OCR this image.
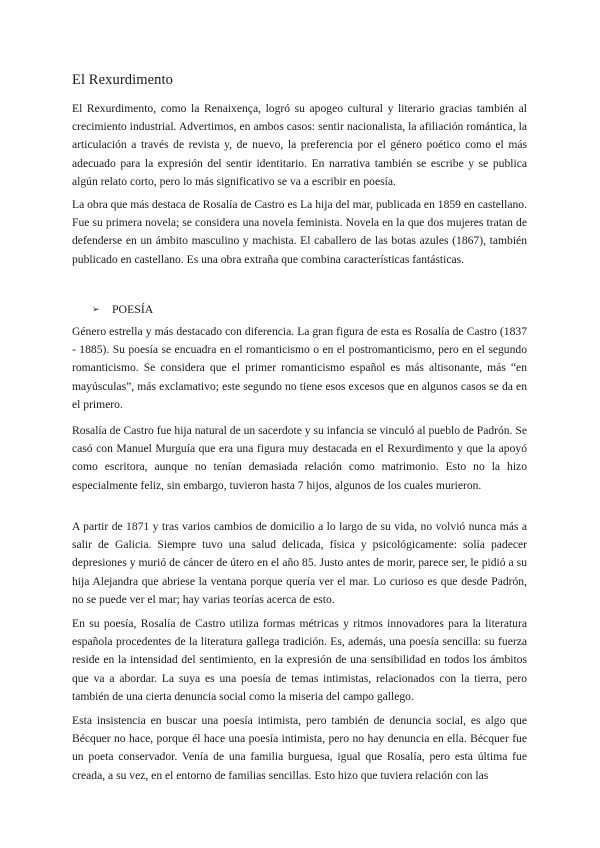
El Rexurdimento

El Rexurdimento, como la Renaixença, logró su apogeo cultural y literario gracias también al crecimiento industrial. Advertimos, en ambos casos: sentir nacionalista, la afiliación romántica, la articulación a través de revista y, de nuevo, la preferencia por el género poético como el más adecuado para la expresión del sentir identitario. En narrativa también se escribe y se publica algún relato corto, pero lo más significativo se va a escribir en poesía.

La obra que más destaca de Rosalía de Castro es La hija del mar, publicada en 1859 en castellano. Fue su primera novela; se considera una novela feminista. Novela en la que dos mujeres tratan de defenderse en un ámbito masculino y machista. El caballero de las botas azules (1867), también publicado en castellano. Es una obra extraña que combina características fantásticas.

➢	POESÍA

Género estrella y más destacado con diferencia. La gran figura de esta es Rosalía de Castro (1837 - 1885). Su poesía se encuadra en el romanticismo o en el postromanticismo, pero en el segundo romanticismo. Se considera que el primer romanticismo español es más altisonante, más “en mayúsculas”, más exclamativo; este segundo no tiene esos excesos que en algunos casos se da en el primero.

Rosalía de Castro fue hija natural de un sacerdote y su infancia se vinculó al pueblo de Padrón. Se casó con Manuel Murguía que era una figura muy destacada en el Rexurdimento y que la apoyó como escritora, aunque no tenían demasiada relación como matrimonio. Esto no la hizo especialmente feliz, sin embargo, tuvieron hasta 7 hijos, algunos de los cuales murieron.

A partir de 1871 y tras varios cambios de domicilio a lo largo de su vida, no volvió nunca más a salir de Galicia. Siempre tuvo una salud delicada, física y psicológicamente: solía padecer depresiones y murió de cáncer de útero en el año 85. Justo antes de morir, parece ser, le pidió a su hija Alejandra que abriese la ventana porque quería ver el mar. Lo curioso es que desde Padrón, no se puede ver el mar; hay varias teorías acerca de esto.

En su poesía, Rosalía de Castro utiliza formas métricas y ritmos innovadores para la literatura española procedentes de la literatura gallega tradición. Es, además, una poesía sencilla: su fuerza reside en la intensidad del sentimiento, en la expresión de una sensibilidad en todos los ámbitos que va a abordar. La suya es una poesía de temas intimistas, relacionados con la tierra, pero también de una cierta denuncia social como la miseria del campo gallego.

Esta insistencia en buscar una poesía intimista, pero también de denuncia social, es algo que Bécquer no hace, porque él hace una poesía intimista, pero no hay denuncia en ella. Bécquer fue un poeta conservador. Venía de una familia burguesa, igual que Rosalía, pero esta última fue creada, a su vez, en el entorno de familias sencillas. Esto hizo que tuviera relación con las
